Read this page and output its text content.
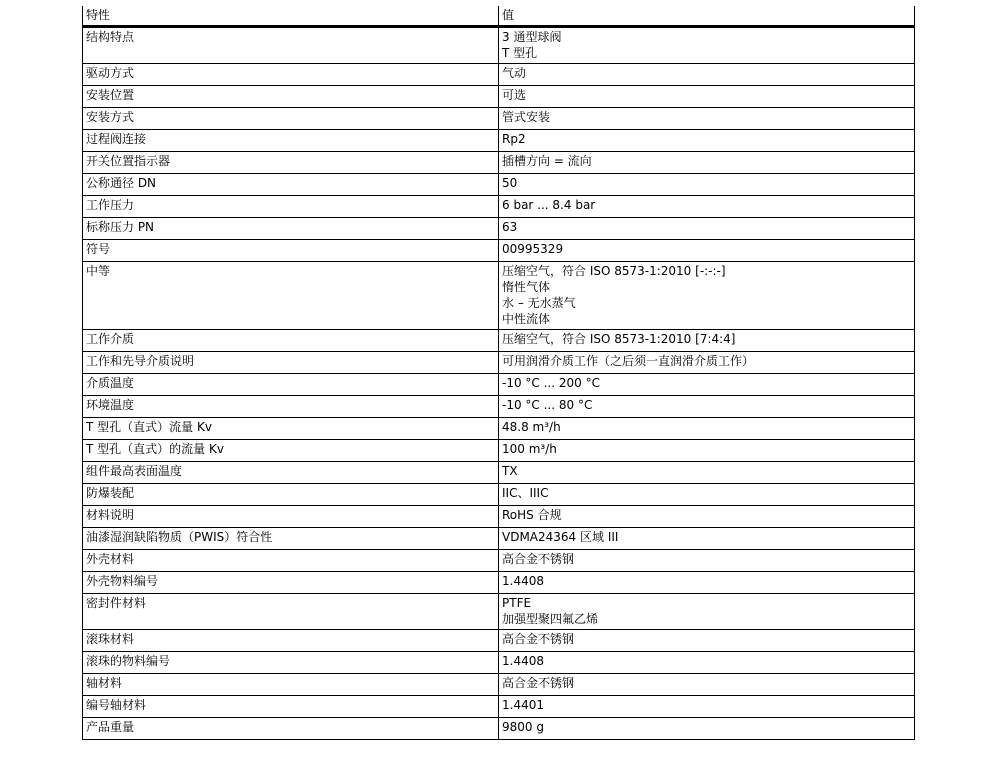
特性	值
结构特点	3 通型球阀
T 型孔

驱动方式	气动

安装位置	可选

安装方式	管式安装

过程阀连接	Rp2

开关位置指示器	插槽方向 = 流向

公称通径 DN	50

工作压力	6 bar ... 8.4 bar

标称压力 PN	63

符号	00995329

中等	压缩空气，符合 ISO 8573-1:2010 [-:-:-]
惰性气体
水 – 无水蒸气
中性流体

工作介质	压缩空气，符合 ISO 8573-1:2010 [7:4:4]

工作和先导介质说明	可用润滑介质工作（之后须一直润滑介质工作）

介质温度	-10 °C ... 200 °C

环境温度	-10 °C ... 80 °C

T 型孔（直式）流量 Kv	48.8 m³/h

T 型孔（直式）的流量 Kv	100 m³/h

组件最高表面温度	TX

防爆装配	IIC、IIIC

材料说明	RoHS 合规

油漆湿润缺陷物质（PWIS）符合性	VDMA24364 区域 III

外壳材料	高合金不锈钢

外壳物料编号	1.4408

密封件材料	PTFE
加强型聚四氟乙烯

滚珠材料	高合金不锈钢

滚珠的物料编号	1.4408

轴材料	高合金不锈钢

编号轴材料	1.4401

产品重量	9800 g
